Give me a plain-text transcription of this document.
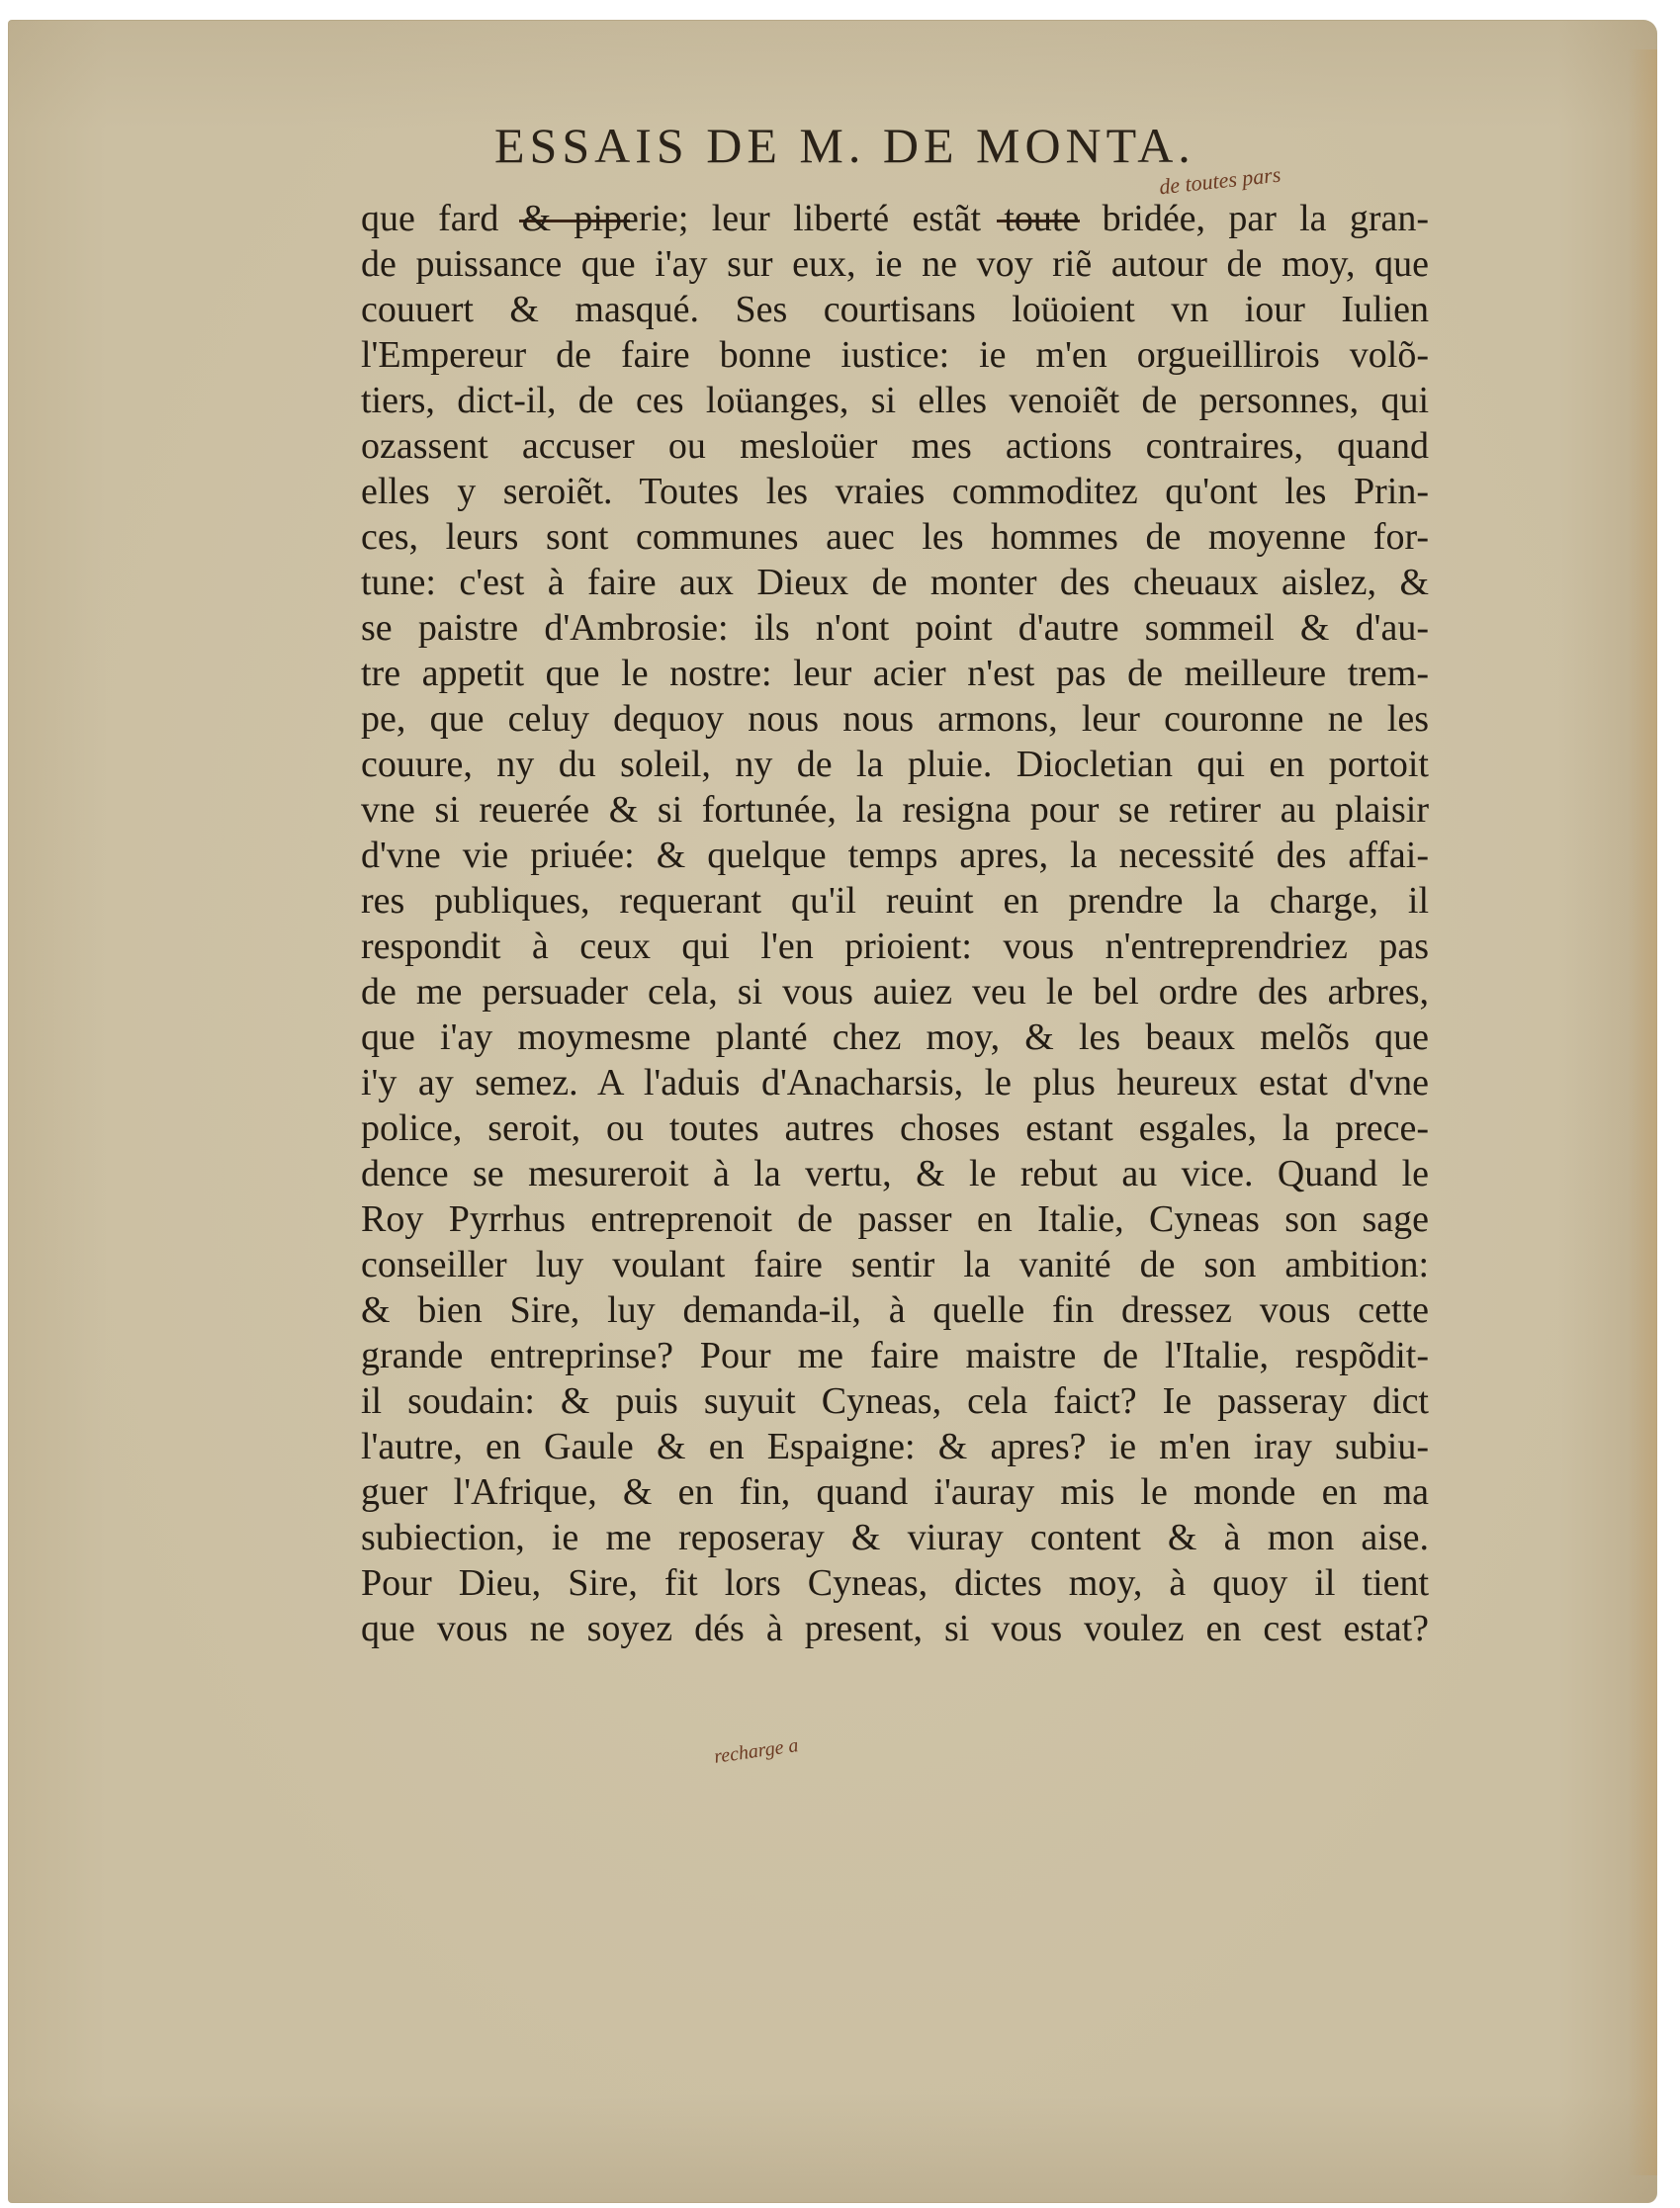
ESSAIS DE M. DE MONTA.
de toutes pars
recharge a
que fard & piperie; leur liberté estãt toute bridée, par la gran-
de puissance que i'ay sur eux, ie ne voy riẽ autour de moy, que
couuert & masqué. Ses courtisans loüoient vn iour Iulien
l'Empereur de faire bonne iustice: ie m'en orgueillirois volõ-
tiers, dict-il, de ces loüanges, si elles venoiẽt de personnes, qui
ozassent accuser ou mesloüer mes actions contraires, quand
elles y seroiẽt. Toutes les vraies commoditez qu'ont les Prin-
ces, leurs sont communes auec les hommes de moyenne for-
tune: c'est à faire aux Dieux de monter des cheuaux aislez, &
se paistre d'Ambrosie: ils n'ont point d'autre sommeil & d'au-
tre appetit que le nostre: leur acier n'est pas de meilleure trem-
pe, que celuy dequoy nous nous armons, leur couronne ne les
couure, ny du soleil, ny de la pluie. Diocletian qui en portoit
vne si reuerée & si fortunée, la resigna pour se retirer au plaisir
d'vne vie priuée: & quelque temps apres, la necessité des affai-
res publiques, requerant qu'il reuint en prendre la charge, il
respondit à ceux qui l'en prioient: vous n'entreprendriez pas
de me persuader cela, si vous auiez veu le bel ordre des arbres,
que i'ay moymesme planté chez moy, & les beaux melõs que
i'y ay semez. A l'aduis d'Anacharsis, le plus heureux estat d'vne
police, seroit, ou toutes autres choses estant esgales, la prece-
dence se mesureroit à la vertu, & le rebut au vice. Quand le
Roy Pyrrhus entreprenoit de passer en Italie, Cyneas son sage
conseiller luy voulant faire sentir la vanité de son ambition:
& bien Sire, luy demanda-il, à quelle fin dressez vous cette
grande entreprinse? Pour me faire maistre de l'Italie, respõdit-
il soudain: & puis suyuit Cyneas, cela faict? Ie passeray dict
l'autre, en Gaule & en Espaigne: & apres? ie m'en iray subiu-
guer l'Afrique, & en fin, quand i'auray mis le monde en ma
subiection, ie me reposeray & viuray content & à mon aise.
Pour Dieu, Sire, fit lors Cyneas, dictes moy, à quoy il tient
que vous ne soyez dés à present, si vous voulez en cest estat?
